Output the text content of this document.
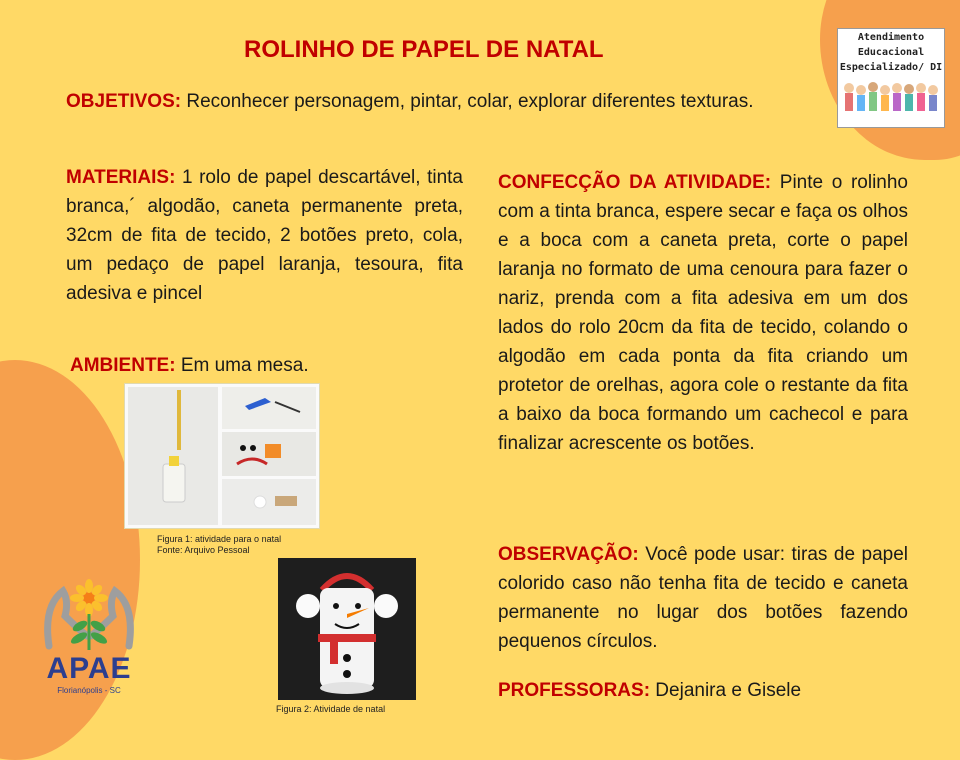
ROLINHO DE PAPEL DE NATAL
OBJETIVOS: Reconhecer personagem, pintar, colar, explorar diferentes texturas.
MATERIAIS: 1 rolo de papel descartável, tinta branca,´ algodão, caneta permanente preta, 32cm de fita de tecido, 2 botões preto, cola, um pedaço de papel laranja, tesoura, fita adesiva e pincel
AMBIENTE: Em uma mesa.
CONFECÇÃO DA ATIVIDADE: Pinte o rolinho com a tinta branca, espere secar e faça os olhos e a boca com a caneta preta, corte o papel laranja no formato de uma cenoura para fazer o nariz, prenda com a fita adesiva em um dos lados do rolo 20cm da fita de tecido, colando o algodão em cada ponta da fita criando um protetor de orelhas, agora cole o restante da fita a baixo da boca formando um cachecol e para finalizar acrescente os botões.
OBSERVAÇÃO: Você pode usar: tiras de papel colorido caso não tenha fita de tecido e caneta permanente no lugar dos botões fazendo pequenos círculos.
PROFESSORAS: Dejanira e Gisele
Atendimento
Educacional
Especializado/ DI
Figura 1: atividade para o natal
Fonte: Arquivo Pessoal
Figura 2: Atividade de natal
APAE
Florianópolis - SC
